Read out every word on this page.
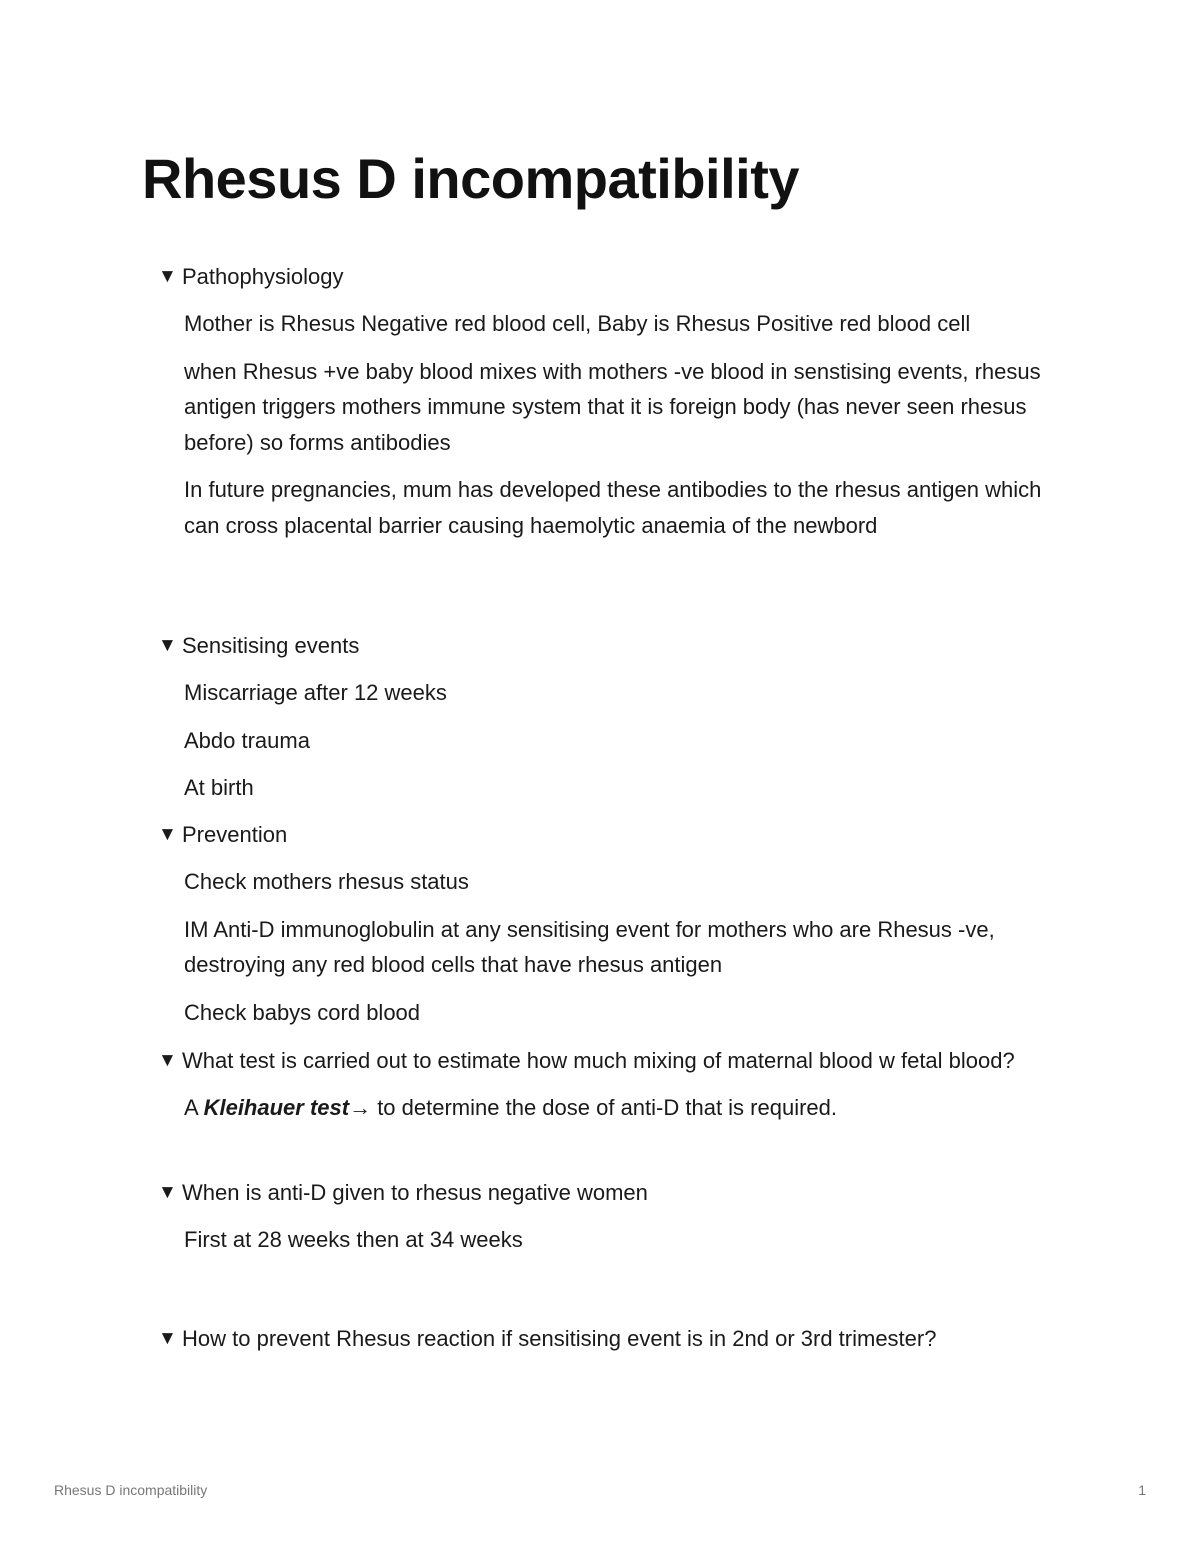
Rhesus D incompatibility
▼ Pathophysiology

Mother is Rhesus Negative red blood cell, Baby is Rhesus Positive red blood cell

when Rhesus +ve baby blood mixes with mothers -ve blood in senstising events, rhesus antigen triggers mothers immune system that it is foreign body (has never seen rhesus before) so forms antibodies

In future pregnancies, mum has developed these antibodies to the rhesus antigen which can cross placental barrier causing haemolytic anaemia of the newbord

▼ Sensitising events

Miscarriage after 12 weeks

Abdo trauma

At birth

▼ Prevention

Check mothers rhesus status

IM Anti-D immunoglobulin at any sensitising event for mothers who are Rhesus -ve, destroying any red blood cells that have rhesus antigen

Check babys cord blood

▼ What test is carried out to estimate how much mixing of maternal blood w fetal blood?

A Kleihauer test→ to determine the dose of anti-D that is required.

▼ When is anti-D given to rhesus negative women

First at 28 weeks then at 34 weeks

▼ How to prevent Rhesus reaction if sensitising event is in 2nd or 3rd trimester?
Rhesus D incompatibility	1
